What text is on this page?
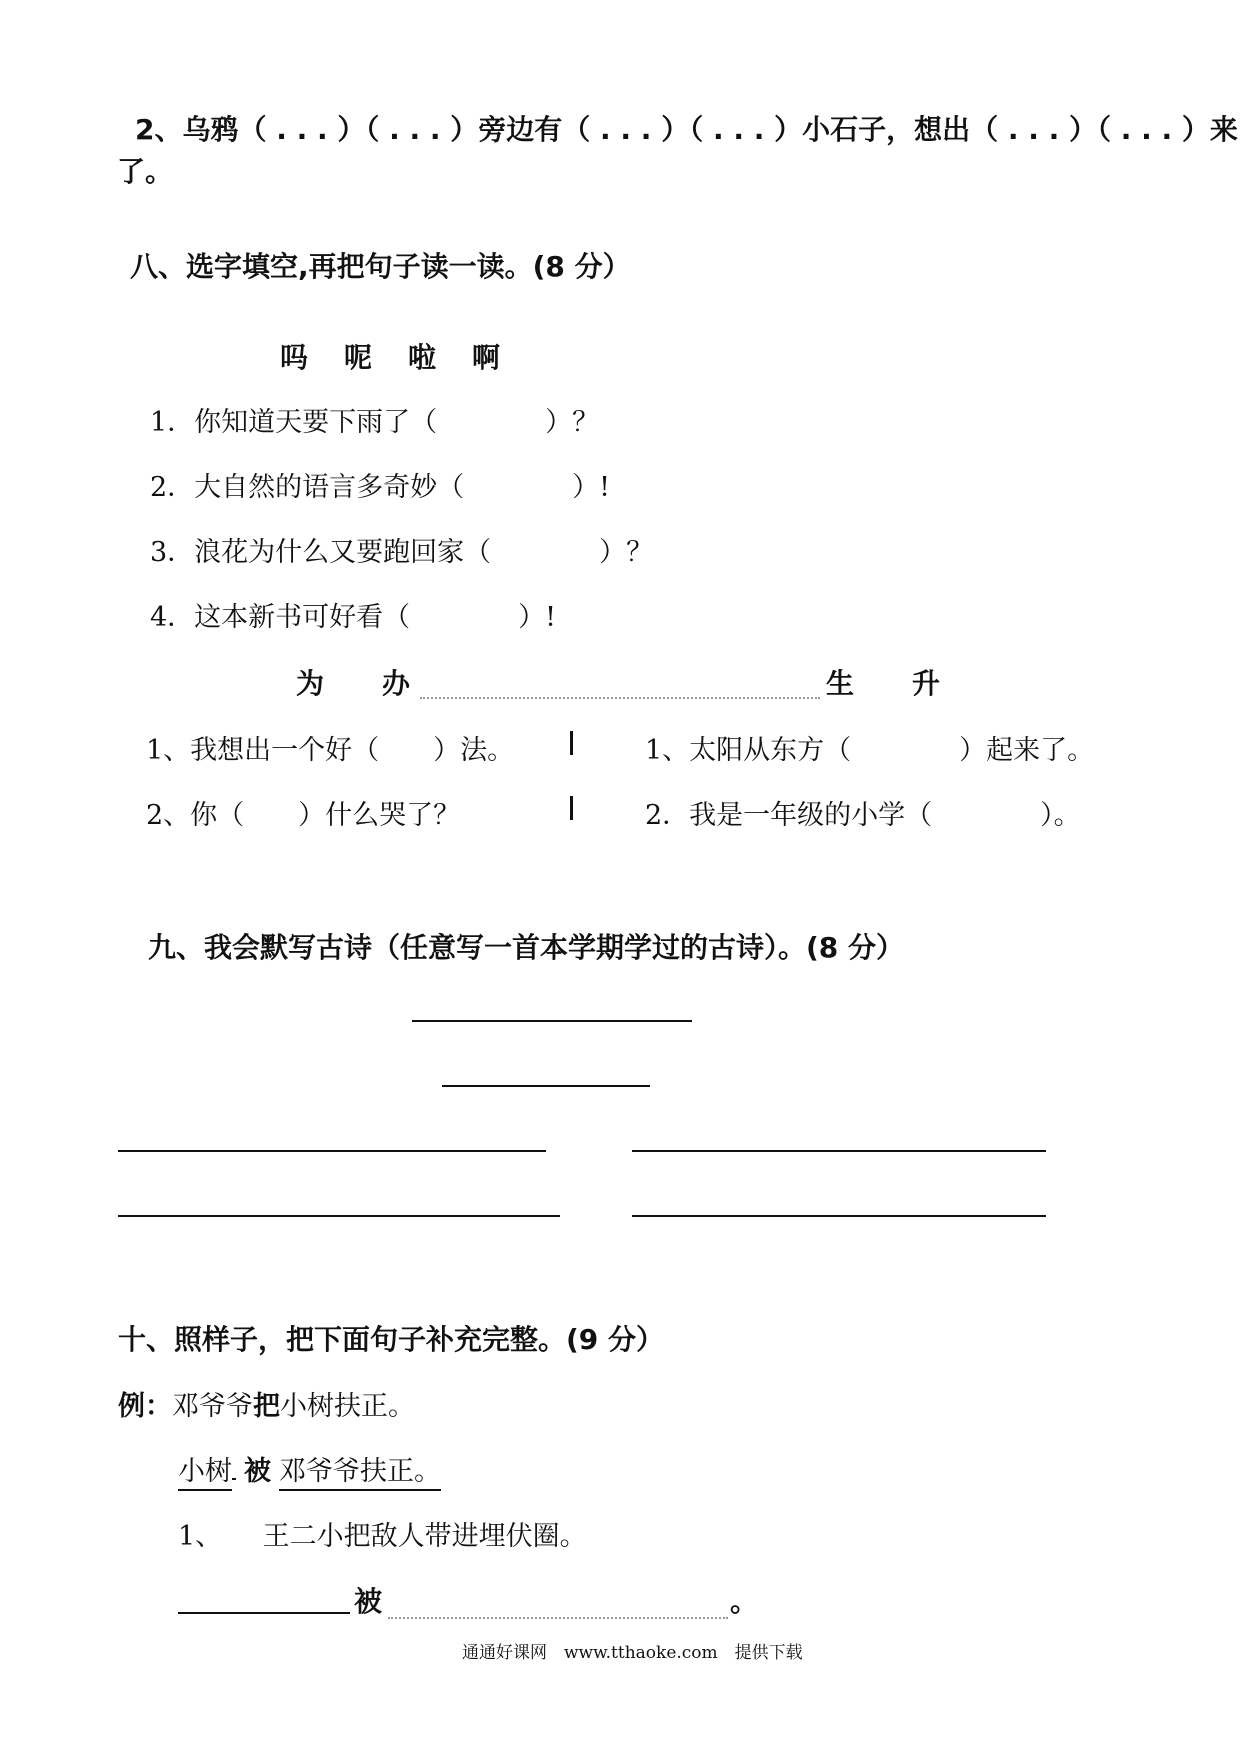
2、乌鸦（ . . . ）（ . . . ）旁边有（ . . . ）（ . . . ）小石子，想出（ . . . ）（ . . . ）来
了。
八、选字填空,再把句子读一读。(8 分）
吗　呢　啦　啊
1．你知道天要下雨了（　　　　）？
2．大自然的语言多奇妙（　　　　）!
3．浪花为什么又要跑回家（　　　　）？
4．这本新书可好看（　　　　）!
为 办	生 升
1、我想出一个好（　　）法。	1、太阳从东方（　　　　）起来了。
2、你（　　）什么哭了？	2．我是一年级的小学（　　　　）。
九、我会默写古诗（任意写一首本学期学过的古诗）。(8 分）
十、照样子，把下面句子补充完整。(9 分）
例：邓爷爷把小树扶正。
小树 被 邓爷爷扶正。
1、　　王二小把敌人带进埋伏圈。
被	。
通通好课网　www.tthaoke.com　提供下载
